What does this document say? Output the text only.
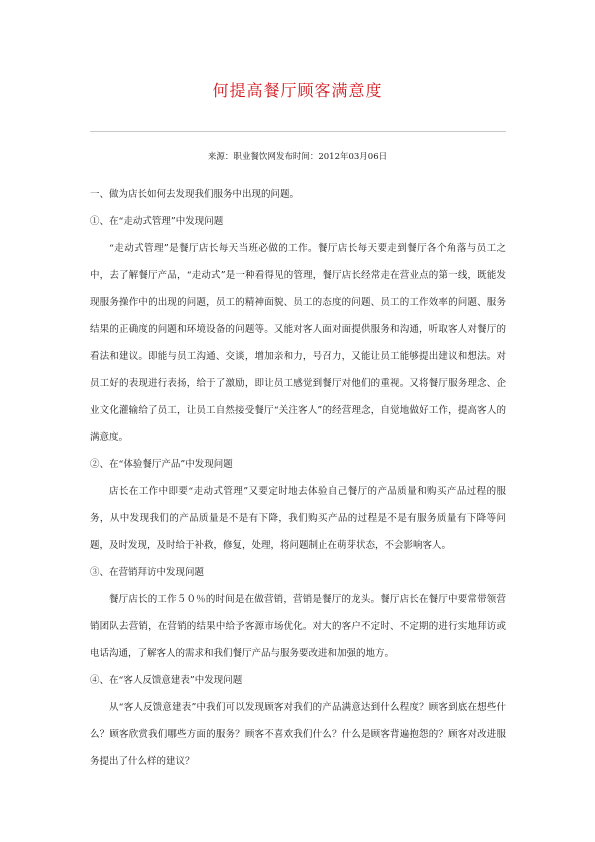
何提高餐厅顾客满意度
来源：职业餐饮网发布时间：2012年03月06日

一、做为店长如何去发现我们服务中出现的问题。

①、在“走动式管理”中发现问题

“走动式管理”是餐厅店长每天当班必做的工作。餐厅店长每天要走到餐厅各个角落与员工之中，去了解餐厅产品，“走动式”是一种看得见的管理，餐厅店长经常走在营业点的第一线，既能发现服务操作中的出现的问题，员工的精神面貌、员工的态度的问题、员工的工作效率的问题、服务结果的正确度的问题和环境设备的问题等。又能对客人面对面提供服务和沟通，听取客人对餐厅的看法和建议。即能与员工沟通、交谈，增加亲和力，号召力，又能让员工能够提出建议和想法。对员工好的表现进行表扬，给于了激励，即让员工感觉到餐厅对他们的重视。又将餐厅服务理念、企业文化灌输给了员工，让员工自然接受餐厅“关注客人”的经营理念，自觉地做好工作，提高客人的满意度。

②、在“体验餐厅产品”中发现问题

店长在工作中即要“走动式管理”又要定时地去体验自己餐厅的产品质量和购买产品过程的服务，从中发现我们的产品质量是不是有下降，我们购买产品的过程是不是有服务质量有下降等问题，及时发现，及时给于补救，修复，处理，将问题制止在萌芽状态，不会影响客人。

③、在营销拜访中发现问题

餐厅店长的工作５０％的时间是在做营销，营销是餐厅的龙头。餐厅店长在餐厅中要常带领营销团队去营销，在营销的结果中给予客源市场优化。对大的客户不定时、不定期的进行实地拜访或电话沟通，了解客人的需求和我们餐厅产品与服务要改进和加强的地方。

④、在“客人反馈意建表”中发现问题

从“客人反馈意建表”中我们可以发现顾客对我们的产品满意达到什么程度？顾客到底在想些什么？顾客欣赏我们哪些方面的服务？顾客不喜欢我们什么？什么是顾客背遍抱怨的？顾客对改进服务提出了什么样的建议？
